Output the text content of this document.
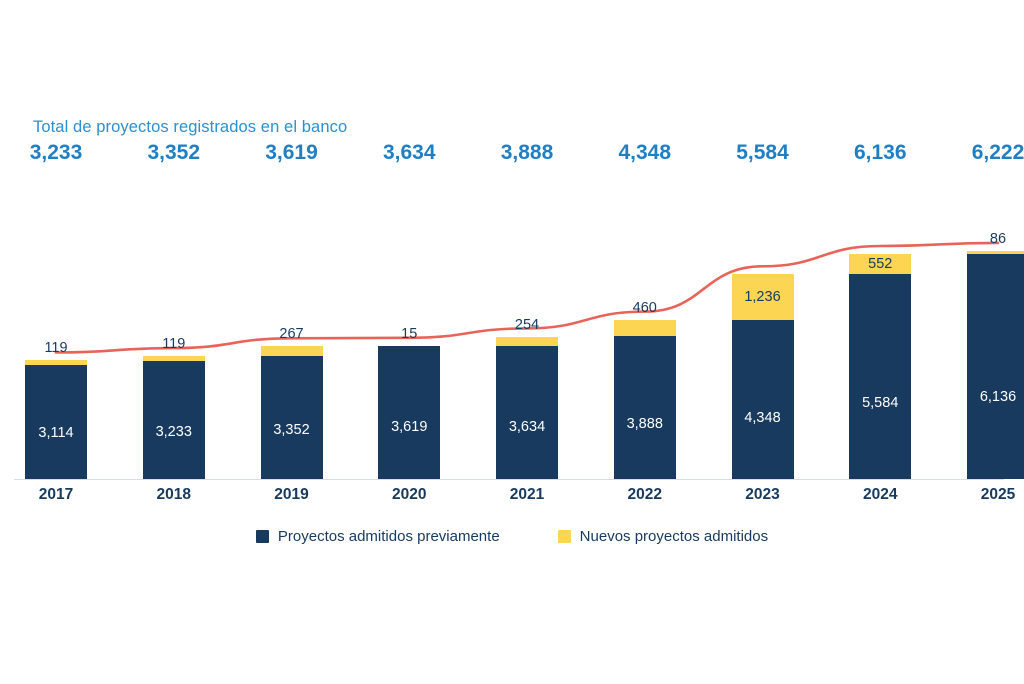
Total de proyectos registrados en el banco
3,233	3,352	3,619	3,634	3,888	4,348	5,584	6,136	6,222
119
3,114
119
3,233
267
3,352
15
3,619
254
3,634
460
3,888
1,236
4,348
552
5,584
86
6,136
2017	2018	2019	2020	2021	2022	2023	2024	2025
Proyectos admitidos previamente	Nuevos proyectos admitidos
